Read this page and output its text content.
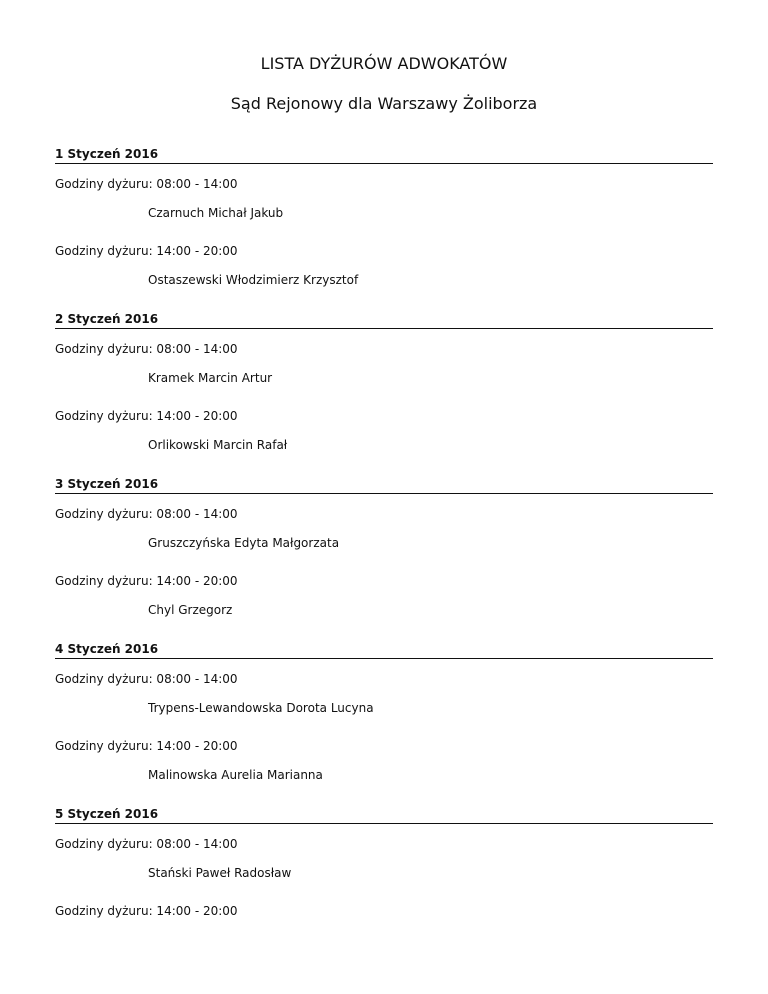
LISTA DYŻURÓW ADWOKATÓW
Sąd Rejonowy dla Warszawy Żoliborza
1 Styczeń 2016
Godziny dyżuru: 08:00 - 14:00
Czarnuch Michał Jakub
Godziny dyżuru: 14:00 - 20:00
Ostaszewski Włodzimierz Krzysztof
2 Styczeń 2016
Godziny dyżuru: 08:00 - 14:00
Kramek Marcin Artur
Godziny dyżuru: 14:00 - 20:00
Orlikowski Marcin Rafał
3 Styczeń 2016
Godziny dyżuru: 08:00 - 14:00
Gruszczyńska Edyta Małgorzata
Godziny dyżuru: 14:00 - 20:00
Chyl Grzegorz
4 Styczeń 2016
Godziny dyżuru: 08:00 - 14:00
Trypens-Lewandowska Dorota Lucyna
Godziny dyżuru: 14:00 - 20:00
Malinowska Aurelia Marianna
5 Styczeń 2016
Godziny dyżuru: 08:00 - 14:00
Stański Paweł Radosław
Godziny dyżuru: 14:00 - 20:00
